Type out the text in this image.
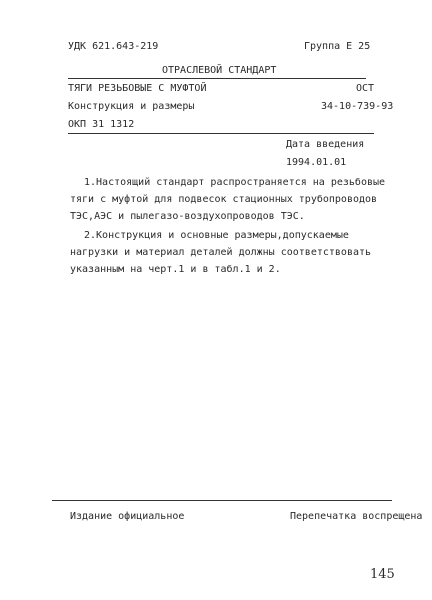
УДК 621.643-219	Группа Е 25
ОТРАСЛЕВОЙ СТАНДАРТ
ТЯГИ РЕЗЬБОВЫЕ С МУФТОЙ	ОСТ
Конструкция и размеры	34-10-739-93
ОКП 31 1312
Дата введения
1994.01.01
1.Настоящий стандарт распространяется на резьбовые тяги с муфтой для подвесок стационных трубопроводов ТЭС,АЭС и пылегазо-воздухопроводов ТЭС.
2.Конструкция и основные размеры,допускаемые нагрузки и материал деталей должны соответствовать указанным на черт.1 и в табл.1 и 2.
Издание официальное	Перепечатка воспрещена
145
